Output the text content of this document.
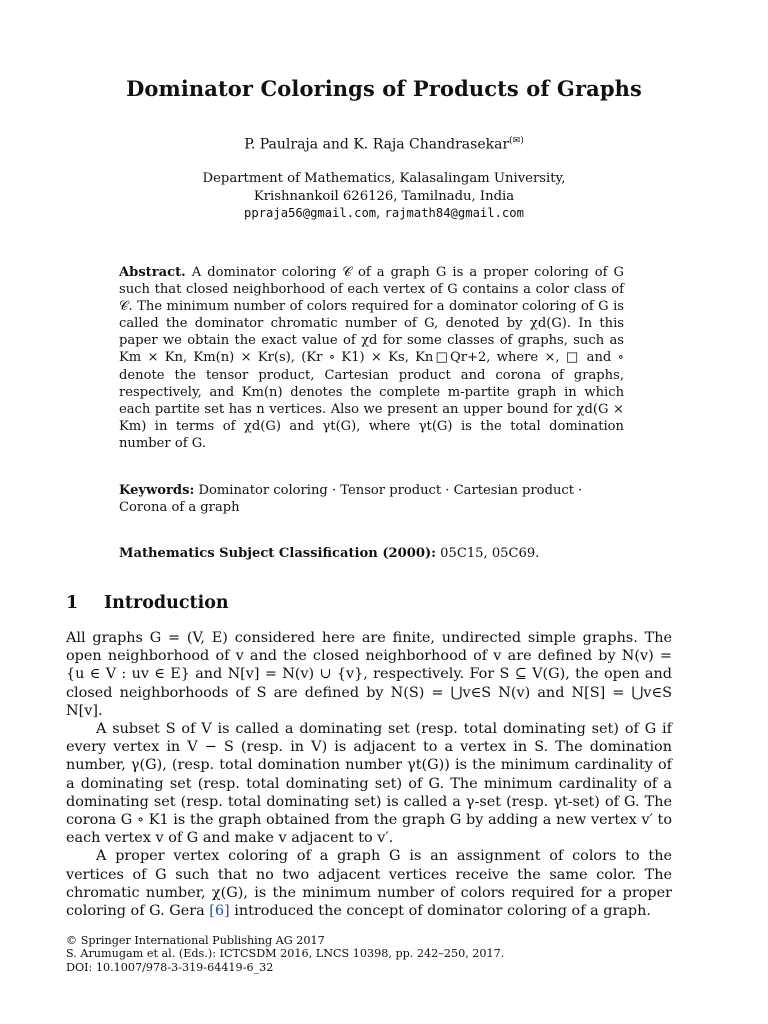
Dominator Colorings of Products of Graphs
P. Paulraja and K. Raja Chandrasekar(✉)
Department of Mathematics, Kalasalingam University,
Krishnankoil 626126, Tamilnadu, India
ppraja56@gmail.com, rajmath84@gmail.com
Abstract. A dominator coloring 𝒞 of a graph G is a proper coloring of G such that closed neighborhood of each vertex of G contains a color class of 𝒞. The minimum number of colors required for a dominator coloring of G is called the dominator chromatic number of G, denoted by χd(G). In this paper we obtain the exact value of χd for some classes of graphs, such as Km × Kn, Km(n) × Kr(s), (Kr ∘ K1) × Ks, Kn□Qr+2, where ×, □ and ∘ denote the tensor product, Cartesian product and corona of graphs, respectively, and Km(n) denotes the complete m-partite graph in which each partite set has n vertices. Also we present an upper bound for χd(G × Km) in terms of χd(G) and γt(G), where γt(G) is the total domination number of G.
Keywords: Dominator coloring · Tensor product · Cartesian product · Corona of a graph
Mathematics Subject Classification (2000): 05C15, 05C69.
1 Introduction

All graphs G = (V, E) considered here are finite, undirected simple graphs. The open neighborhood of v and the closed neighborhood of v are defined by N(v) = {u ∈ V : uv ∈ E} and N[v] = N(v) ∪ {v}, respectively. For S ⊆ V(G), the open and closed neighborhoods of S are defined by N(S) = ⋃v∈S N(v) and N[S] = ⋃v∈S N[v].

A subset S of V is called a dominating set (resp. total dominating set) of G if every vertex in V − S (resp. in V) is adjacent to a vertex in S. The domination number, γ(G), (resp. total domination number γt(G)) is the minimum cardinality of a dominating set (resp. total dominating set) of G. The minimum cardinality of a dominating set (resp. total dominating set) is called a γ-set (resp. γt-set) of G. The corona G ∘ K1 is the graph obtained from the graph G by adding a new vertex v′ to each vertex v of G and make v adjacent to v′.

A proper vertex coloring of a graph G is an assignment of colors to the vertices of G such that no two adjacent vertices receive the same color. The chromatic number, χ(G), is the minimum number of colors required for a proper coloring of G. Gera [6] introduced the concept of dominator coloring of a graph.

© Springer International Publishing AG 2017
S. Arumugam et al. (Eds.): ICTCSDM 2016, LNCS 10398, pp. 242–250, 2017.
DOI: 10.1007/978-3-319-64419-6_32
